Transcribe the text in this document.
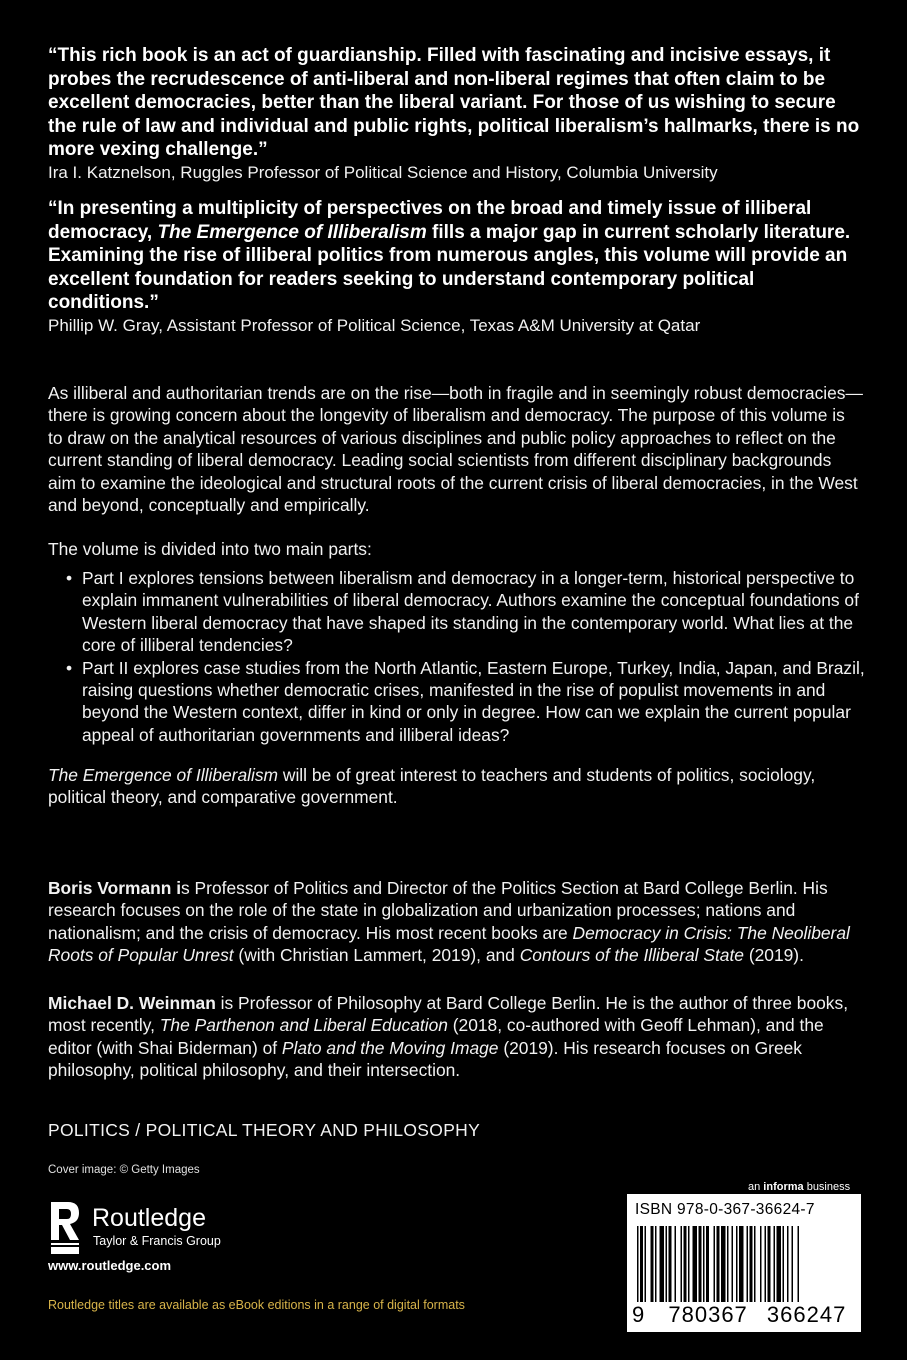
“This rich book is an act of guardianship. Filled with fascinating and incisive essays, it probes the recrudescence of anti-liberal and non-liberal regimes that often claim to be excellent democracies, better than the liberal variant. For those of us wishing to secure the rule of law and individual and public rights, political liberalism’s hallmarks, there is no more vexing challenge.”
Ira I. Katznelson, Ruggles Professor of Political Science and History, Columbia University
“In presenting a multiplicity of perspectives on the broad and timely issue of illiberal democracy, The Emergence of Illiberalism fills a major gap in current scholarly literature. Examining the rise of illiberal politics from numerous angles, this volume will provide an excellent foundation for readers seeking to understand contemporary political conditions.”
Phillip W. Gray, Assistant Professor of Political Science, Texas A&M University at Qatar
As illiberal and authoritarian trends are on the rise—both in fragile and in seemingly robust democracies—there is growing concern about the longevity of liberalism and democracy. The purpose of this volume is to draw on the analytical resources of various disciplines and public policy approaches to reflect on the current standing of liberal democracy. Leading social scientists from different disciplinary backgrounds aim to examine the ideological and structural roots of the current crisis of liberal democracies, in the West and beyond, conceptually and empirically.
The volume is divided into two main parts:
• Part I explores tensions between liberalism and democracy in a longer-term, historical perspective to explain immanent vulnerabilities of liberal democracy. Authors examine the conceptual foundations of Western liberal democracy that have shaped its standing in the contemporary world. What lies at the core of illiberal tendencies?
• Part II explores case studies from the North Atlantic, Eastern Europe, Turkey, India, Japan, and Brazil, raising questions whether democratic crises, manifested in the rise of populist movements in and beyond the Western context, differ in kind or only in degree. How can we explain the current popular appeal of authoritarian governments and illiberal ideas?
The Emergence of Illiberalism will be of great interest to teachers and students of politics, sociology, political theory, and comparative government.
Boris Vormann is Professor of Politics and Director of the Politics Section at Bard College Berlin. His research focuses on the role of the state in globalization and urbanization processes; nations and nationalism; and the crisis of democracy. His most recent books are Democracy in Crisis: The Neoliberal Roots of Popular Unrest (with Christian Lammert, 2019), and Contours of the Illiberal State (2019).
Michael D. Weinman is Professor of Philosophy at Bard College Berlin. He is the author of three books, most recently, The Parthenon and Liberal Education (2018, co-authored with Geoff Lehman), and the editor (with Shai Biderman) of Plato and the Moving Image (2019). His research focuses on Greek philosophy, political philosophy, and their intersection.
POLITICS / POLITICAL THEORY AND PHILOSOPHY
Cover image: © Getty Images
Routledge
Taylor & Francis Group
www.routledge.com
Routledge titles are available as eBook editions in a range of digital formats
an informa business
ISBN 978-0-367-36624-7
9 780367 366247
